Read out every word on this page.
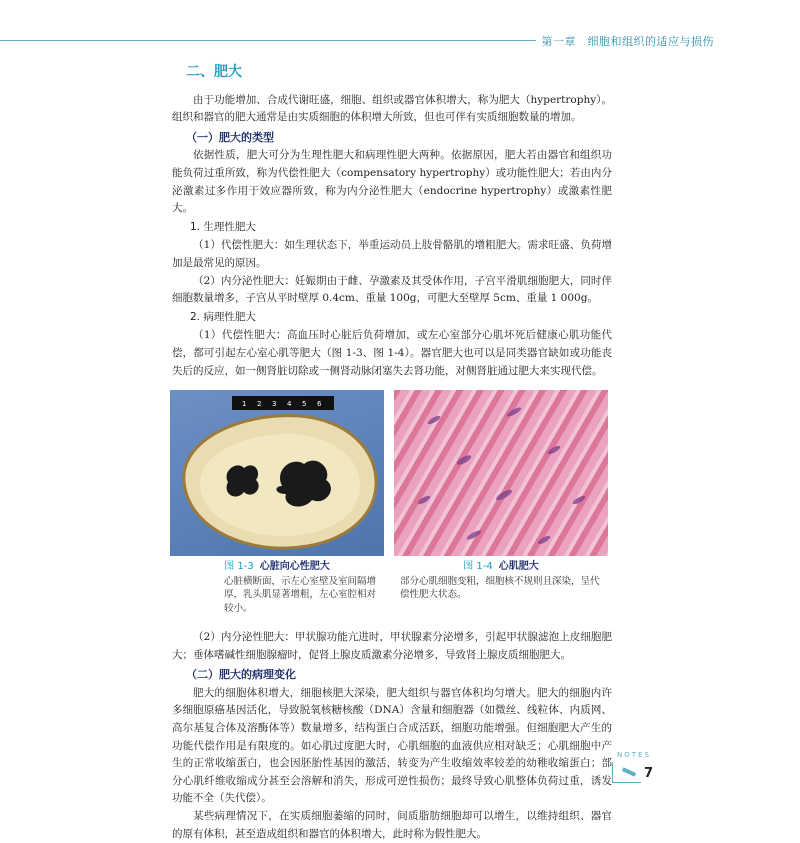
第一章　细胞和组织的适应与损伤
二、肥大

由于功能增加、合成代谢旺盛，细胞、组织或器官体积增大，称为肥大（hypertrophy）。组织和器官的肥大通常是由实质细胞的体积增大所致，但也可伴有实质细胞数量的增加。

（一）肥大的类型

依据性质，肥大可分为生理性肥大和病理性肥大两种。依据原因，肥大若由器官和组织功能负荷过重所致，称为代偿性肥大（compensatory hypertrophy）或功能性肥大；若由内分泌激素过多作用于效应器所致，称为内分泌性肥大（endocrine hypertrophy）或激素性肥大。

1. 生理性肥大

（1）代偿性肥大：如生理状态下，举重运动员上肢骨骼肌的增粗肥大。需求旺盛、负荷增加是最常见的原因。

（2）内分泌性肥大：妊娠期由于雌、孕激素及其受体作用，子宫平滑肌细胞肥大，同时伴细胞数量增多，子宫从平时壁厚 0.4cm、重量 100g，可肥大至壁厚 5cm、重量 1 000g。

2. 病理性肥大

（1）代偿性肥大：高血压时心脏后负荷增加，或左心室部分心肌坏死后健康心肌功能代偿，都可引起左心室心肌等肥大（图 1-3、图 1-4）。器官肥大也可以是同类器官缺如或功能丧失后的反应，如一侧肾脏切除或一侧肾动脉闭塞失去肾功能，对侧肾脏通过肥大来实现代偿。

1 2 3 4 5 6
图 1-3 心脏向心性肥大
心脏横断面，示左心室壁及室间隔增厚，乳头肌显著增粗，左心室腔相对较小。
图 1-4 心肌肥大
部分心肌细胞变粗，细胞核不规则且深染，呈代偿性肥大状态。

（2）内分泌性肥大：甲状腺功能亢进时，甲状腺素分泌增多，引起甲状腺滤泡上皮细胞肥大；垂体嗜碱性细胞腺瘤时，促肾上腺皮质激素分泌增多，导致肾上腺皮质细胞肥大。

（二）肥大的病理变化

肥大的细胞体积增大，细胞核肥大深染，肥大组织与器官体积均匀增大。肥大的细胞内许多细胞原癌基因活化，导致脱氧核糖核酸（DNA）含量和细胞器（如微丝、线粒体、内质网、高尔基复合体及溶酶体等）数量增多，结构蛋白合成活跃，细胞功能增强。但细胞肥大产生的功能代偿作用是有限度的。如心肌过度肥大时，心肌细胞的血液供应相对缺乏；心肌细胞中产生的正常收缩蛋白，也会因胚胎性基因的激活，转变为产生收缩效率较差的幼稚收缩蛋白；部分心肌纤维收缩成分甚至会溶解和消失，形成可逆性损伤；最终导致心肌整体负荷过重，诱发功能不全（失代偿）。

某些病理情况下，在实质细胞萎缩的同时，间质脂肪细胞却可以增生，以维持组织、器官的原有体积，甚至造成组织和器官的体积增大，此时称为假性肥大。

NOTES
7
